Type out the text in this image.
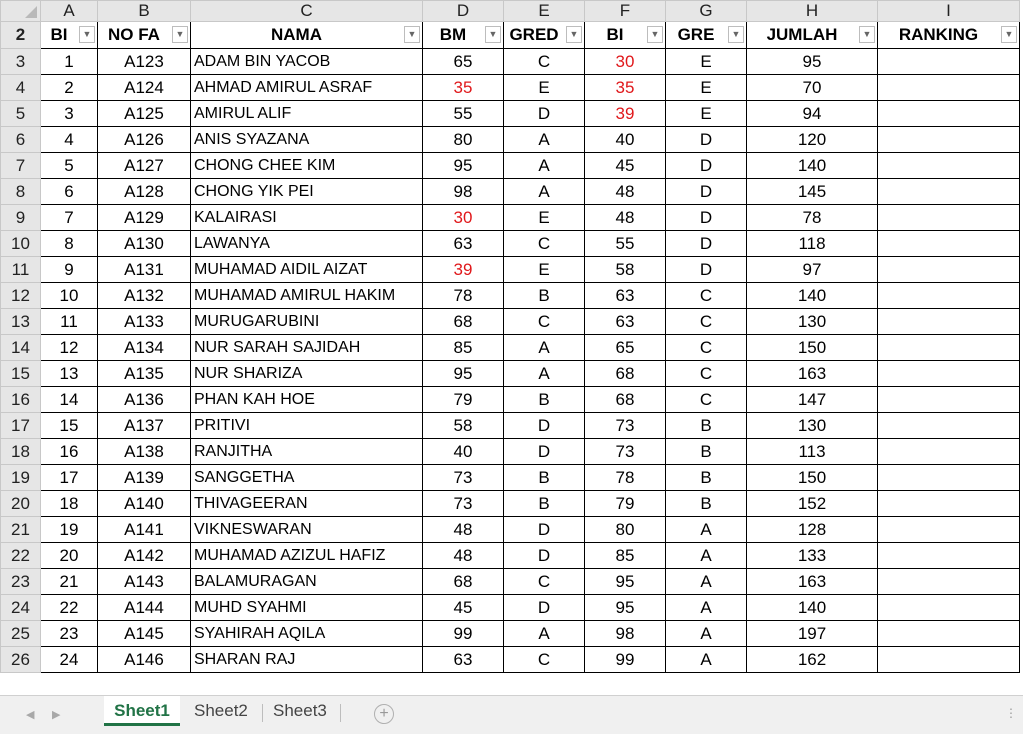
	A	B	C	D	E	F	G	H	I
2	BI ▼	NO FA ▼	NAMA ▼	BM ▼	GRED ▼	BI ▼	GRE ▼	JUMLAH ▼	RANKING ▼

3	1	A123	ADAM BIN YACOB	65	C	30	E	95	
4	2	A124	AHMAD AMIRUL ASRAF	35	E	35	E	70	
5	3	A125	AMIRUL ALIF	55	D	39	E	94	
6	4	A126	ANIS SYAZANA	80	A	40	D	120	
7	5	A127	CHONG CHEE KIM	95	A	45	D	140	
8	6	A128	CHONG YIK PEI	98	A	48	D	145	
9	7	A129	KALAIRASI	30	E	48	D	78	
10	8	A130	LAWANYA	63	C	55	D	118	
11	9	A131	MUHAMAD AIDIL AIZAT	39	E	58	D	97	
12	10	A132	MUHAMAD AMIRUL HAKIM	78	B	63	C	140	
13	11	A133	MURUGARUBINI	68	C	63	C	130	
14	12	A134	NUR SARAH SAJIDAH	85	A	65	C	150	
15	13	A135	NUR SHARIZA	95	A	68	C	163	
16	14	A136	PHAN KAH HOE	79	B	68	C	147	
17	15	A137	PRITIVI	58	D	73	B	130	
18	16	A138	RANJITHA	40	D	73	B	113	
19	17	A139	SANGGETHA	73	B	78	B	150	
20	18	A140	THIVAGEERAN	73	B	79	B	152	
21	19	A141	VIKNESWARAN	48	D	80	A	128	
22	20	A142	MUHAMAD AZIZUL HAFIZ	48	D	85	A	133	
23	21	A143	BALAMURAGAN	68	C	95	A	163	
24	22	A144	MUHD SYAHMI	45	D	95	A	140	
25	23	A145	SYAHIRAH AQILA	99	A	98	A	197	
26	24	A146	SHARAN RAJ	63	C	99	A	162	
◀ ▶	Sheet1	Sheet2 Sheet3	+	⋮
